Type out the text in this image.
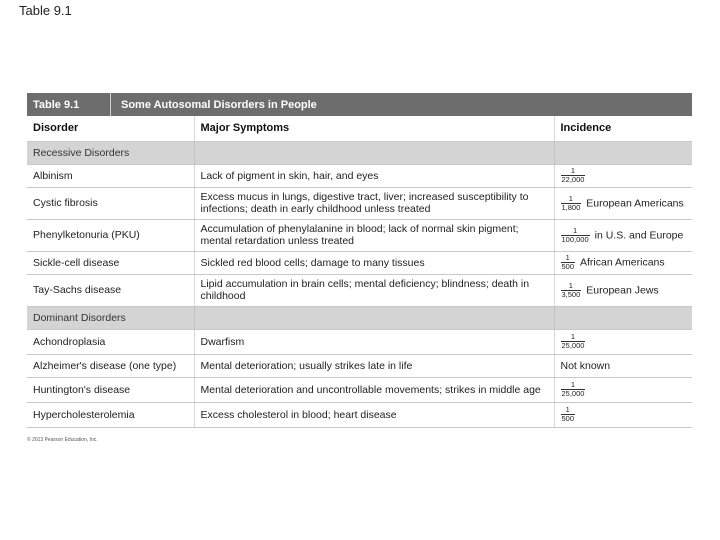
Table 9.1
Table 9.1	Some Autosomal Disorders in People
Disorder	Major Symptoms	Incidence
Recessive Disorders		
Albinism	Lack of pigment in skin, hair, and eyes	$\frac{1}{22,000}$

Cystic fibrosis	Excess mucus in lungs, digestive tract, liver; increased susceptibility to infections; death in early childhood unless treated	$\frac{1}{1,800}$ European Americans
Phenylketonuria (PKU)	Accumulation of phenylalanine in blood; lack of normal skin pigment; mental retardation unless treated	$\frac{1}{100,000}$ in U.S. and Europe
Sickle-cell disease	Sickled red blood cells; damage to many tissues	$\frac{1}{500}$ African Americans
Tay-Sachs disease	Lipid accumulation in brain cells; mental deficiency; blindness; death in childhood	$\frac{1}{3,500}$ European Jews
Dominant Disorders		
Achondroplasia	Dwarfism	$\frac{1}{25,000}$

Alzheimer's disease (one type)	Mental deterioration; usually strikes late in life	Not known
Huntington's disease	Mental deterioration and uncontrollable movements; strikes in middle age	$\frac{1}{25,000}$

Hypercholesterolemia	Excess cholesterol in blood; heart disease	$\frac{1}{500}$
© 2013 Pearson Education, Inc.
